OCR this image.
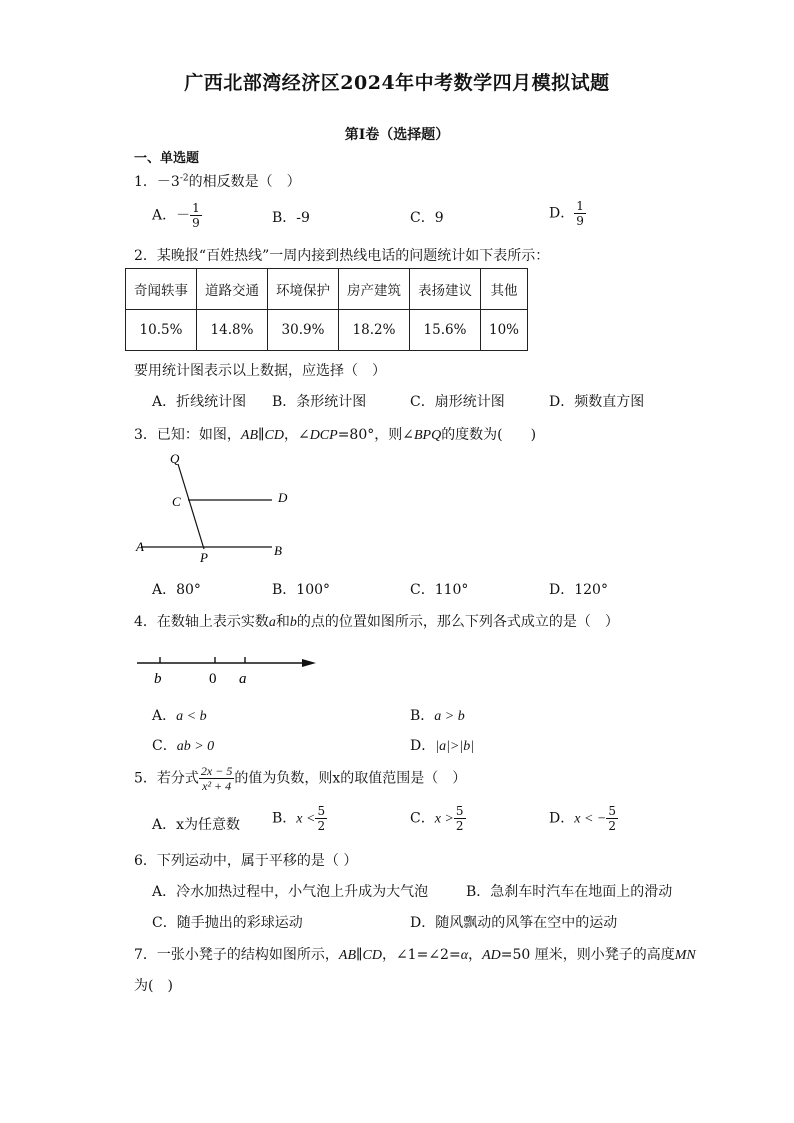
广西北部湾经济区2024年中考数学四月模拟试题
第I卷（选择题）
一、单选题
1．$-3^{-2}$的相反数是（　）
A．－ $\frac{1}{9}$	B．-9	C．9	D． $\frac{1}{9}$
2．某晚报“百姓热线”一周内接到热线电话的问题统计如下表所示：
奇闻轶事	道路交通	环境保护	房产建筑	表扬建议	其他
10.5%	14.8%	30.9%	18.2%	15.6%	10%
要用统计图表示以上数据，应选择（　）
A．折线统计图 B．条形统计图	C．扇形统计图	D．频数直方图
3．已知：如图，AB∥CD，∠DCP=80°，则∠BPQ的度数为(　　)
Q
C	D
A
P	B
A．80°	B．100°	C．110°	D．120°
4．在数轴上表示实数a和b的点的位置如图所示，那么下列各式成立的是（　）
b	0 a
A．a < b	B．a > b
C．ab > 0	D．|a|>|b|
5．若分式 $\frac{2x - 5}{\text{x² + 4}}$ 的值为负数，则x的取值范围是（　）
A．x为任意数 B．$x < \frac{5}{2}$	C．$x > \frac{5}{2}$	D．x < − $\frac{5}{2}$
6．下列运动中，属于平移的是（ ）
A．冷水加热过程中，小气泡上升成为大气泡	B．急刹车时汽车在地面上的滑动
C．随手抛出的彩球运动	D．随风飘动的风筝在空中的运动
7．一张小凳子的结构如图所示，AB∥CD，∠1=∠2=α，AD=50 厘米，则小凳子的高度MN
为(　)
